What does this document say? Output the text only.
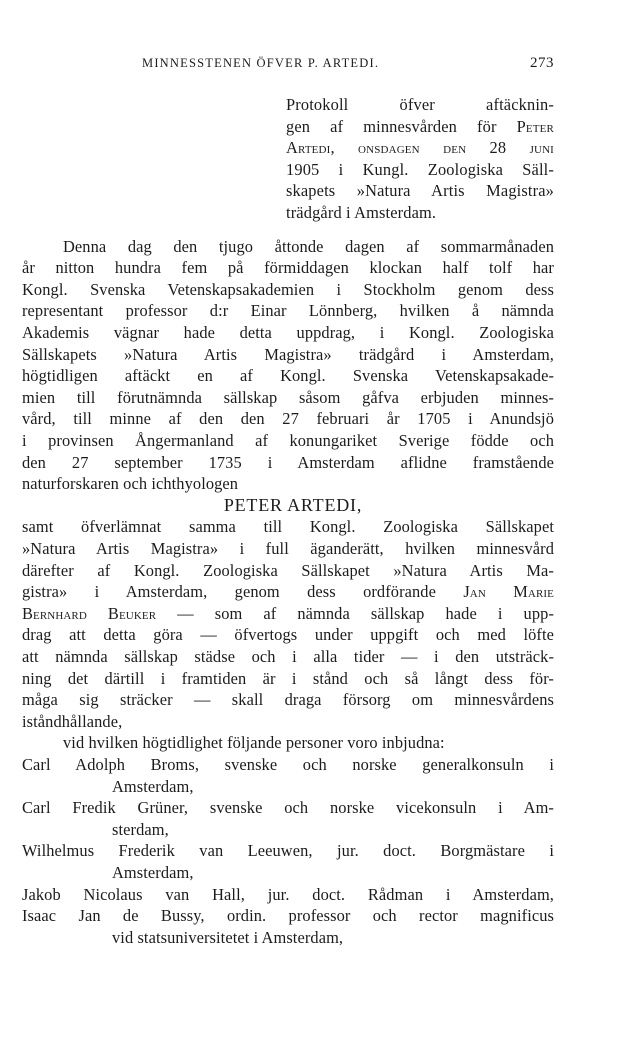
MINNESSTENEN ÖFVER P. ARTEDI.	273
Protokoll öfver aftäcknin-
gen af minnesvården för Peter
Artedi, onsdagen den 28 juni
1905 i Kungl. Zoologiska Säll-
skapets »Natura Artis Magistra»
trädgård i Amsterdam.
Denna dag den tjugo åttonde dagen af sommarmånaden
år nitton hundra fem på förmiddagen klockan half tolf har
Kongl. Svenska Vetenskapsakademien i Stockholm genom dess
representant professor d:r Einar Lönnberg, hvilken å nämnda
Akademis vägnar hade detta uppdrag, i Kongl. Zoologiska
Sällskapets »Natura Artis Magistra» trädgård i Amsterdam,
högtidligen aftäckt en af Kongl. Svenska Vetenskapsakade-
mien till förutnämnda sällskap såsom gåfva erbjuden minnes-
vård, till minne af den den 27 februari år 1705 i Anundsjö
i provinsen Ångermanland af konungariket Sverige födde och
den 27 september 1735 i Amsterdam aflidne framstående
naturforskaren och ichthyologen
PETER ARTEDI,
samt öfverlämnat samma till Kongl. Zoologiska Sällskapet
»Natura Artis Magistra» i full äganderätt, hvilken minnesvård
därefter af Kongl. Zoologiska Sällskapet »Natura Artis Ma-
gistra» i Amsterdam, genom dess ordförande Jan Marie
Bernhard Beuker — som af nämnda sällskap hade i upp-
drag att detta göra — öfvertogs under uppgift och med löfte
att nämnda sällskap städse och i alla tider — i den utsträck-
ning det därtill i framtiden är i stånd och så långt dess för-
måga sig sträcker — skall draga försorg om minnesvårdens
iståndhållande,
vid hvilken högtidlighet följande personer voro inbjudna:
Carl Adolph Broms, svenske och norske generalkonsuln i
Amsterdam,
Carl Fredik Grüner, svenske och norske vicekonsuln i Am-
sterdam,
Wilhelmus Frederik van Leeuwen, jur. doct. Borgmästare i
Amsterdam,
Jakob Nicolaus van Hall, jur. doct. Rådman i Amsterdam,
Isaac Jan de Bussy, ordin. professor och rector magnificus
vid statsuniversitetet i Amsterdam,
